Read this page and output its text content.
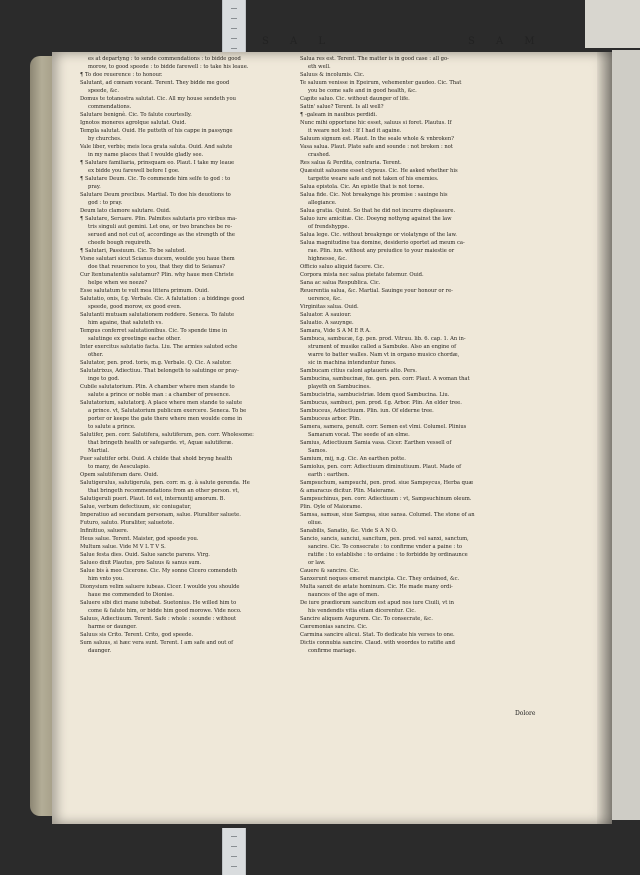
S A L	S A M
es at departyng : to sende commendations : to bidde good
morow, to good speede : to bidde farewell : to take his leaue.
¶ To doe reuerence : to honour.
Salutant, ad cœnam vocant. Terent. They bidde me good
speede, &c.
Domus te totanostra salutat. Cic. All my house sendeth you
commendations.
Salutare benignè. Cic. To falute courteslly.
Ignotos moneres agrolque salutat. Ouid.
Templa salutat. Ouid. He putteth of his cappe in passynge
by churches.
Vale liber, verbis; meis loca grata saluta. Ouid. And salute
in my name places that I woulde gladly see.
¶ Salutare familiaria, prinsquam eo. Plaut. I take my leaue
ex bidde you farewell before I goe.
¶ Salutare Deum. Cic. To commende him selfe to god : to
pray.
Salutare Deum precibus. Martial. To doe his deuotions to
god : to pray.
Deum lato clamore salutare. Ouid.
¶ Salutare, Seruare. Plin. Palmites salutaris pro viribus ma-
tris singuli aut gemini. Let one, or two branches be re-
serued and not cut of, accordinge as the strength of the
cheefe bough requireth.
¶ Salutari, Passiuum. Cic. To be saluted.
Visne salutari sicut Scianus ducem, woulde you haue them
doe that reuerence to you, that they did to Seianus?
Cur ltentunatentis salutamur? Plin. why haue men Christe
helpe when we neeze?
Esse salutatum te vult mea littera primum. Ouid.
Salutatio, onis, f.g. Verbale. Cic. A falutation : a biddinge good
speede, good morow, ex good even.
Salutanti mutuam salutationem reddere. Seneca. To falute
him againe, that saluteth vs.
Tempus conferret salutationibus. Cic. To spende time in
salutinge ex greetinge eache other.
Inter exercitus salutatio facta. Liu. The armies saluted eche
other.
Salutator, pen. prod. toris, m.g. Verbale. Q. Cic. A salutor.
Salutatrixus, Adiectiuu. That belongeth to salutinge or pray-
inge to god.
Cubile salutatorium. Plin. A chamber where men stande to
salute a prince or noble man : a chamber of presence.
Salutatorium, salutatorij. A place where men stande to salute
a prince. vt, Salutatorium publicum exercere. Seneca. To be
porter or keepe the gate there where men woulde come in
to salute a prince.
Salutifer, pen. corr. Salutifera, salutiferum, pen. corr. Wholesome:
that bringeth health or safegarde. vt, Aquæ salutiferæ.
Martial.
Puer salutifer orbi. Ouid. A childe that shold bryng health
to many, de Aesculapio.
Opem salutiferam dare. Ouid.
Salutigerulus, salutigerula, pen. corr. m. g. à salute gerenda. He
that bringeth recommendations from an other person. vt,
Salutigeruli pueri. Plaut. Id est, internuntij amorum. B.
Salue, verbum defectiuum, sic coniugatur,
Imperatiuo ad secundam personam, salue. Pluraliter saluete.
Futuro, saluto. Pluraliter, saluetote.
Infinitiuo, saluere.
Heus salue. Terent. Maister, god speede you.
Multum salue. Vide M V L T V S.
Salue festa dies. Ouid. Salue sancte parens. Virg.
Salueo dixit Plautus, pro Saluus & sanus sum.
Salue bis à meo Cicerone. Cic. My sonne Cicero comendeth
him vnto you.
Dionysium velim saluere iubeas. Cicer. I woulde you shoulde
haue me commended to Dionise.
Saluere sibi dici mane iubebat. Suetonius. He willed him to
come & falute him, or bidde him good morowe. Vide noco.
Saluus, Adiectiuum. Terent. Safe : whole : sounde : without
harme or daunger.
Saluus sis Crito. Terent. Crito, god speede.
Sum saluus, si hæc vera sunt. Terent. I am safe and out of
daunger.
Salua res est. Terent. The matter is in good case : all go-
eth well.
Saluus & incolumis. Cic.
Te saluum venisse in Epeirum, vehementer gaudeo. Cic. That
you be come safe and in good health, &c.
Capite saluo. Cic. without daunger of life.
Satin' salue? Terent. Is all well?
¶ -galeam in nauibus perdidi.
Nunc mihi opportune hic esset, saluus si foret. Plautus. If
it weare not lost : If I had it againe.
Saluum signum est. Plaut. In the seale whole & vnbroken?
Vasa salua. Plaut. Plate safe and sounde : not broken : not
crashed.
Res salua & Perdita, contraria. Terent.
Quæsiuit saluosne esset clypeus. Cic. He asked whether his
targette weare safe and not taken of his enemies.
Salua epistola. Cic. An epistle that is not torne.
Salua fide. Cic. Not breakynge his promise : sauinge his
allegiance.
Salua gratia. Quint. So that he did not incurre displeasure.
Saluo iure amicitiæ. Cic. Doeyng nothyng against the law
of frendshyppe.
Salua lege. Cic. without breakynge or violatynge of the law.
Salua magnitudine tua domine, desiderio oportet ad meum ca-
rae. Plin. iun. without any preiudice to your maiestie or
highnesse, &c.
Officio saluo aliquid facere. Cic.
Corpora mista nec salua pietate fatemur. Ouid.
Sana ac salua Respublica. Cic.
Reuerentia salua, &c. Martial. Sauinge your honour or re-
uerence, &c.
Virginitas salua. Ouid.
Saluator. A sauiour.
Saluatio. A sauynge.
Samara, Vide S A M E R A.
Sambuca, sambucæ, f.g. pen. prod. Vitruu. lib. 6. cap. 1. An in-
strument of musike called a Sambuke. Also an engine of
warre to batter walles. Nam vt in organo musico chordæ,
sic in machina intenduntur funes.
Sambucam citius caloni aptaueris alto. Pers.
Sambucina, sambucinæ, fœ. gen. pen. corr. Plaut. A woman that
playeth on Sambucines.
Sambucistria, sambucistriæ. Idem quod Sambucina. Liu.
Sambucus, sambuci, pen. prod. f.g. Arbor. Plin. An elder tree.
Sambuceus, Adiectiuum. Plin. iun. Of elderne tree.
Sambuceus arbor. Plin.
Samera, samera, penult. corr. Semen est vlmi. Columel. Plinius
Samaram vocat. The seede of an elme.
Samius, Adiectiuum Samia vasa. Cicer. Earthen vessell of
Samos.
Samium, mij, n.g. Cic. An earthen potte.
Samiolus, pen. corr. Adiectiuum diminutiuum. Plaut. Made of
earth : earthen.
Sampsuchum, sampsuchi, pen. prod. siue Sampsycus, Herba quæ
& amaracus dicitur. Plin. Maierame.
Sampsuchinus, pen. corr. Adiectiuum : vt, Sampsuchinum oleum.
Plin. Oyle of Maiorame.
Samsa, samsæ, siue Sampsa, siue sansa. Columel. The stone of an
oliue.
Sanabilis, Sanatio, &c. Vide S A N O.
Sancio, sancis, sanciui, sancitum, pen. prod. vel sanxi, sanctum,
sancire. Cic. To consecrate : to confirme vnder a paine : to
ratifie : to establishe : to ordaine : to forbidde by ordinaunce
or law.
Cauere & sancire. Cic.
Sanxerunt neques emeret mancipia. Cic. They ordained, &c.
Multa sanxit de ætate hominum. Cic. He made many ordi-
naunces of the age of men.
De iure prædiorum sancitum est apud nos iure Ciuili, vt in
his vendendis vitia etiam dicerentur. Cic.
Sancire aliquem Augurem. Cic. To consecrate, &c.
Cæremonias sancire. Cic.
Carmina sancire alicui. Stat. To dedicate his verses to one.
Dictis connubia sancire. Claud. with woordes to ratifie and
confirme mariage.
Dolore
